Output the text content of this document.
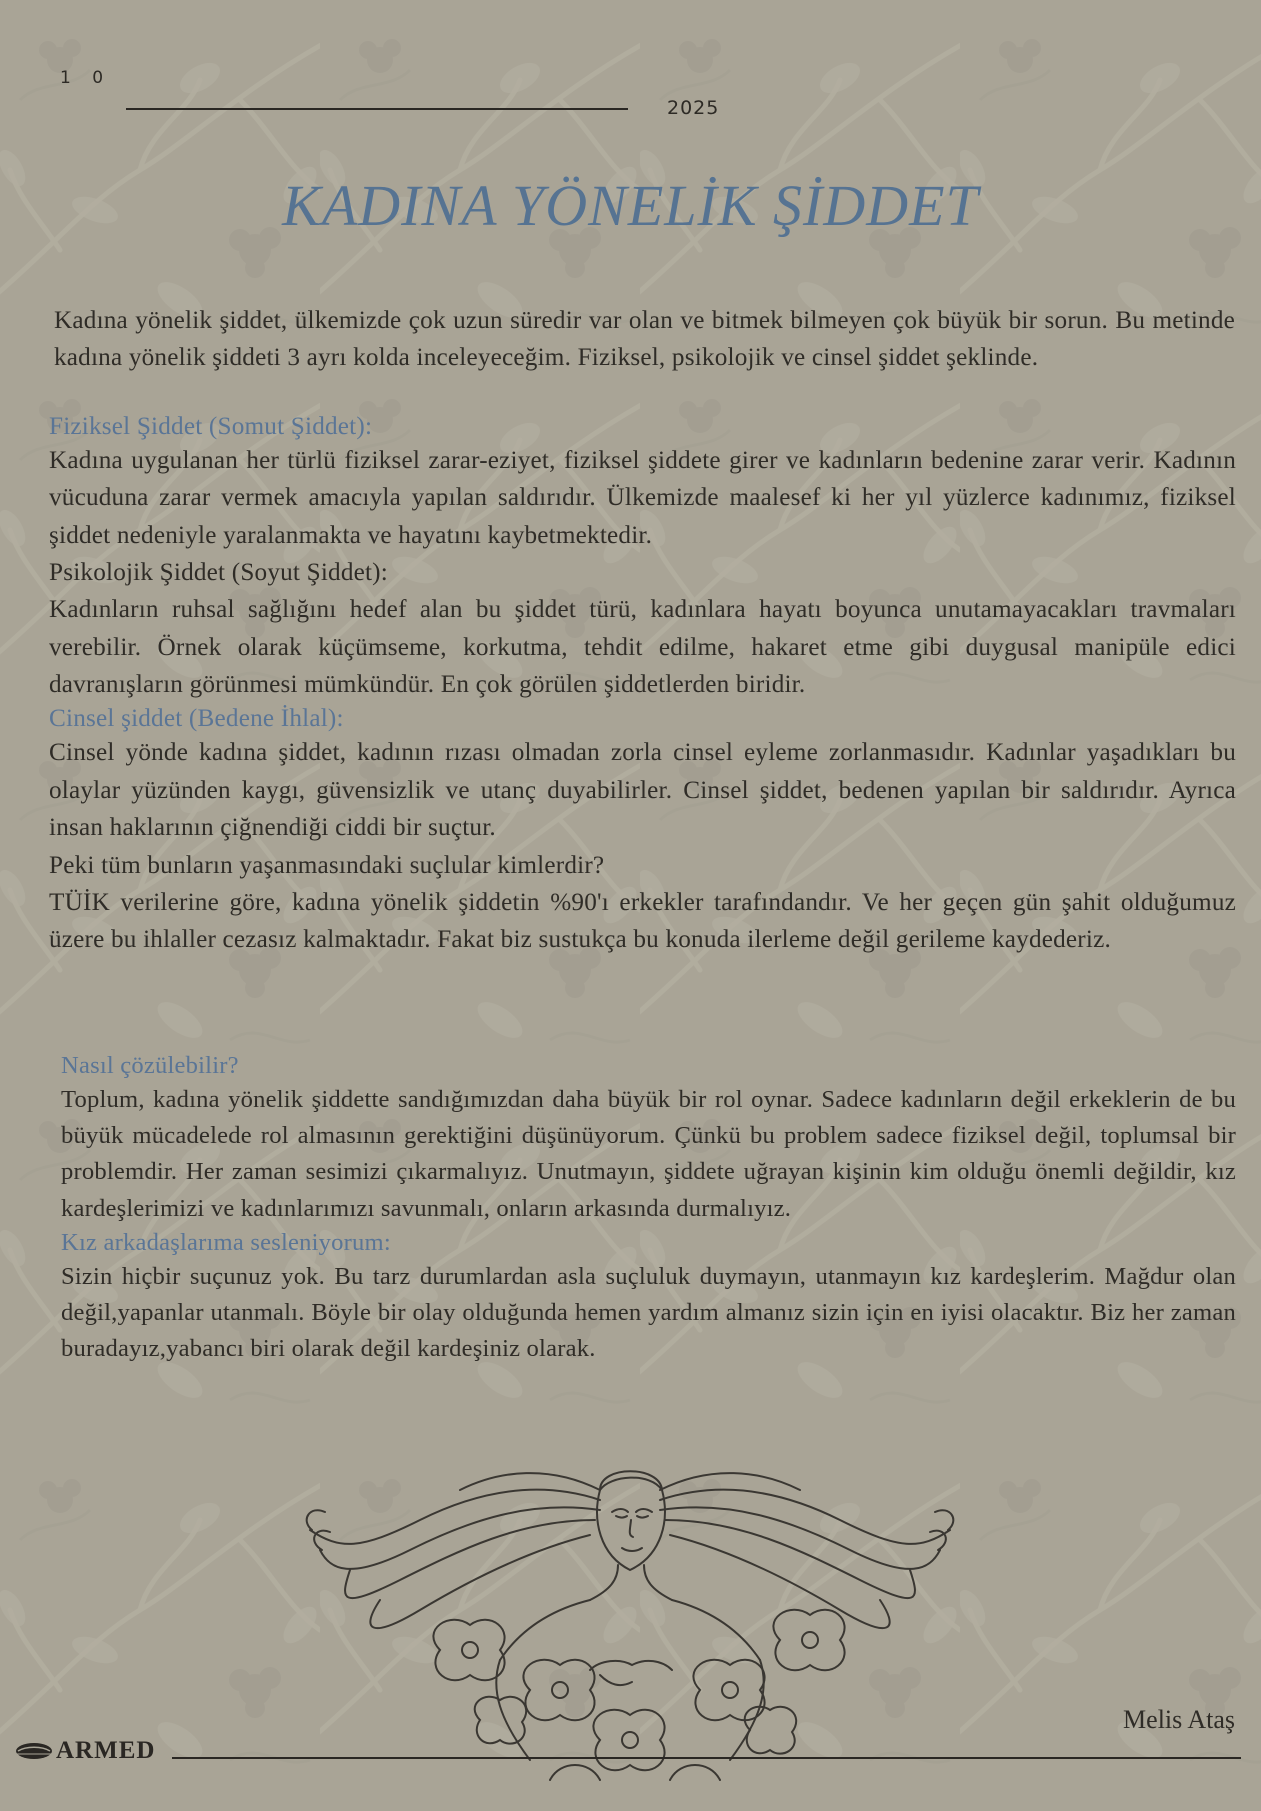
1 0
2025
KADINA YÖNELİK ŞİDDET

Kadına yönelik şiddet, ülkemizde çok uzun süredir var olan ve bitmek bilmeyen çok büyük bir sorun. Bu metinde kadına yönelik şiddeti 3 ayrı kolda inceleyeceğim. Fiziksel, psikolojik ve cinsel şiddet şeklinde.

Fiziksel Şiddet (Somut Şiddet):

Kadına uygulanan her türlü fiziksel zarar-eziyet, fiziksel şiddete girer ve kadınların bedenine zarar verir. Kadının vücuduna zarar vermek amacıyla yapılan saldırıdır. Ülkemizde maalesef ki her yıl yüzlerce kadınımız, fiziksel şiddet nedeniyle yaralanmakta ve hayatını kaybetmektedir.

Psikolojik Şiddet (Soyut Şiddet):

Kadınların ruhsal sağlığını hedef alan bu şiddet türü, kadınlara hayatı boyunca unutamayacakları travmaları verebilir. Örnek olarak küçümseme, korkutma, tehdit edilme, hakaret etme gibi duygusal manipüle edici davranışların görünmesi mümkündür. En çok görülen şiddetlerden biridir.

Cinsel şiddet (Bedene İhlal):

Cinsel yönde kadına şiddet, kadının rızası olmadan zorla cinsel eyleme zorlanmasıdır. Kadınlar yaşadıkları bu olaylar yüzünden kaygı, güvensizlik ve utanç duyabilirler. Cinsel şiddet, bedenen yapılan bir saldırıdır. Ayrıca insan haklarının çiğnendiği ciddi bir suçtur.

Peki tüm bunların yaşanmasındaki suçlular kimlerdir?

TÜİK verilerine göre, kadına yönelik şiddetin %90'ı erkekler tarafındandır. Ve her geçen gün şahit olduğumuz üzere bu ihlaller cezasız kalmaktadır. Fakat biz sustukça bu konuda ilerleme değil gerileme kaydederiz.

Nasıl çözülebilir?

Toplum, kadına yönelik şiddette sandığımızdan daha büyük bir rol oynar. Sadece kadınların değil erkeklerin de bu büyük mücadelede rol almasının gerektiğini düşünüyorum. Çünkü bu problem sadece fiziksel değil, toplumsal bir problemdir. Her zaman sesimizi çıkarmalıyız. Unutmayın, şiddete uğrayan kişinin kim olduğu önemli değildir, kız kardeşlerimizi ve kadınlarımızı savunmalı, onların arkasında durmalıyız.

Kız arkadaşlarıma sesleniyorum:

Sizin hiçbir suçunuz yok. Bu tarz durumlardan asla suçluluk duymayın, utanmayın kız kardeşlerim. Mağdur olan değil,yapanlar utanmalı. Böyle bir olay olduğunda hemen yardım almanız sizin için en iyisi olacaktır. Biz her zaman buradayız,yabancı biri olarak değil kardeşiniz olarak.

Melis Ataş
ARMED
